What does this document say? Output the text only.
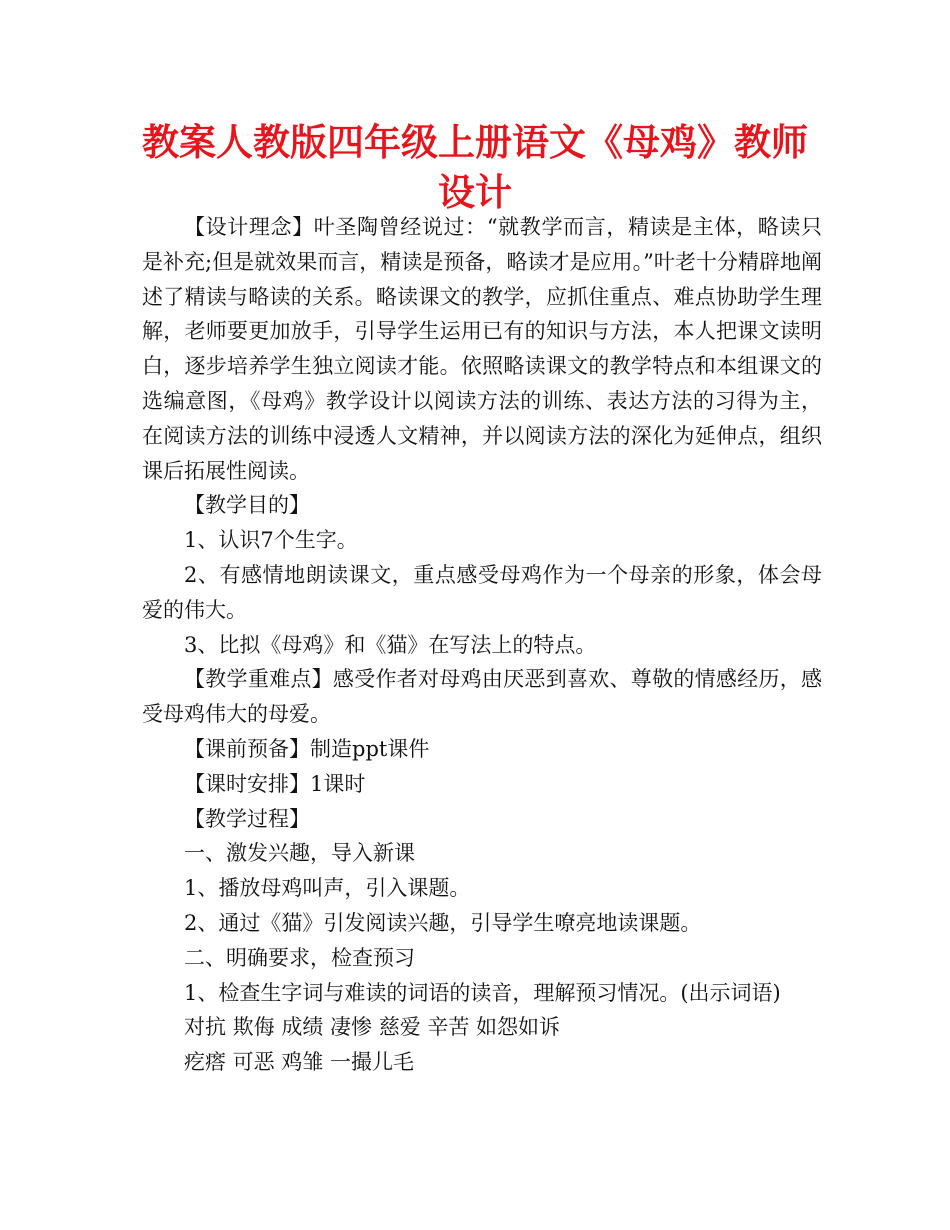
教案人教版四年级上册语文《母鸡》教师设计

【设计理念】叶圣陶曾经说过：“就教学而言，精读是主体，略读只是补充;但是就效果而言，精读是预备，略读才是应用。”叶老十分精辟地阐述了精读与略读的关系。略读课文的教学，应抓住重点、难点协助学生理解，老师要更加放手，引导学生运用已有的知识与方法，本人把课文读明白，逐步培养学生独立阅读才能。依照略读课文的教学特点和本组课文的选编意图，《母鸡》教学设计以阅读方法的训练、表达方法的习得为主，在阅读方法的训练中浸透人文精神，并以阅读方法的深化为延伸点，组织课后拓展性阅读。

【教学目的】

1、认识7个生字。

2、有感情地朗读课文，重点感受母鸡作为一个母亲的形象，体会母爱的伟大。

3、比拟《母鸡》和《猫》在写法上的特点。

【教学重难点】感受作者对母鸡由厌恶到喜欢、尊敬的情感经历，感受母鸡伟大的母爱。

【课前预备】制造ppt课件

【课时安排】1课时

【教学过程】

一、激发兴趣，导入新课

1、播放母鸡叫声，引入课题。

2、通过《猫》引发阅读兴趣，引导学生嘹亮地读课题。

二、明确要求，检查预习

1、检查生字词与难读的词语的读音，理解预习情况。(出示词语)

对抗 欺侮 成绩 凄惨 慈爱 辛苦 如怨如诉

疙瘩 可恶 鸡雏 一撮儿毛
